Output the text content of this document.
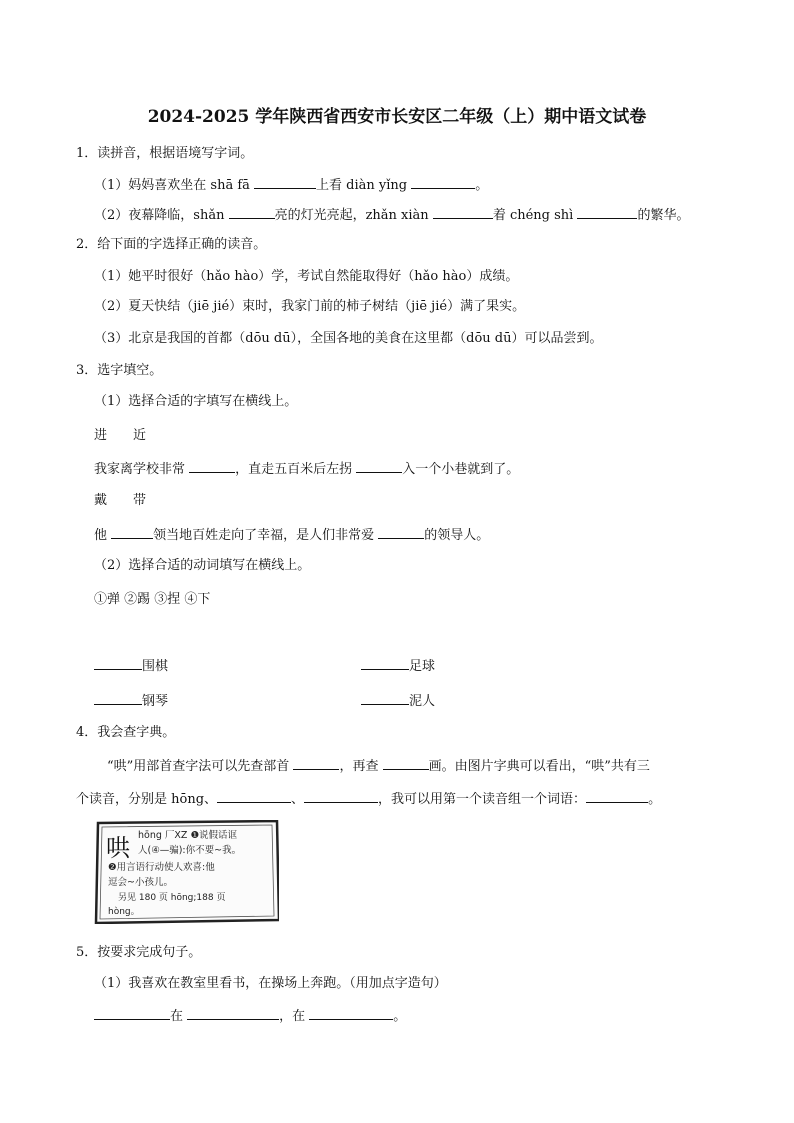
2024-2025 学年陕西省西安市长安区二年级（上）期中语文试卷
1．读拼音，根据语境写字词。
（1）妈妈喜欢坐在 shā fā	上看 diàn yǐng	。
（2）夜幕降临，shǎn	亮的灯光亮起，zhǎn xiàn	着 chéng shì	的繁华。
2．给下面的字选择正确的读音。
（1）她平时很好（hǎo hào）学，考试自然能取得好（hǎo hào）成绩。
（2）夏天快结（jiē jié）束时，我家门前的柿子树结（jiē jié）满了果实。
（3）北京是我国的首都（dōu dū），全国各地的美食在这里都（dōu dū）可以品尝到。
3．选字填空。
（1）选择合适的字填写在横线上。
进 近
我家离学校非常	，直走五百米后左拐	入一个小巷就到了。
戴 带
他	领当地百姓走向了幸福，是人们非常爱	的领导人。
（2）选择合适的动词填写在横线上。
①弹 ②踢 ③捏 ④下
围棋	足球
钢琴	泥人
4．我会查字典。
“哄”用部首查字法可以先查部首	，再查	画。由图片字典可以看出，“哄”共有三
个读音，分别是 hōng、	、	，我可以用第一个读音组一个词语：	。
哄 hōng 厂XZ ❶说假话诓
人(④—骗):你不要~我。
❷用言语行动使人欢喜:他
逗会~小孩儿。
另见 180 页 hōng;188 页
hòng。
5．按要求完成句子。
（1）我喜欢在教室里看书，在操场上奔跑。（用加点字造句）
在	，在	。
